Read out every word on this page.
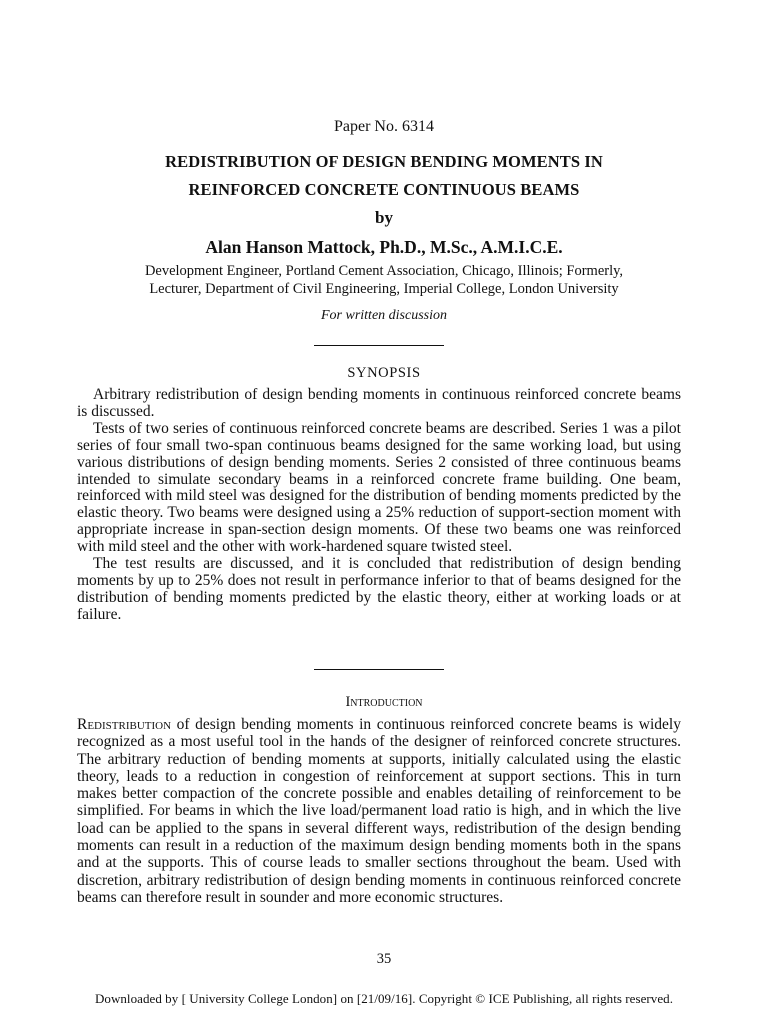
Paper No. 6314
REDISTRIBUTION OF DESIGN BENDING MOMENTS IN
REINFORCED CONCRETE CONTINUOUS BEAMS
by
Alan Hanson Mattock, Ph.D., M.Sc., A.M.I.C.E.
Development Engineer, Portland Cement Association, Chicago, Illinois; Formerly,
Lecturer, Department of Civil Engineering, Imperial College, London University
For written discussion
SYNOPSIS

Arbitrary redistribution of design bending moments in continuous reinforced concrete beams is discussed.

Tests of two series of continuous reinforced concrete beams are described. Series 1 was a pilot series of four small two-span continuous beams designed for the same working load, but using various distributions of design bending moments. Series 2 consisted of three continuous beams intended to simulate secondary beams in a reinforced concrete frame building. One beam, reinforced with mild steel was designed for the distribution of bending moments predicted by the elastic theory. Two beams were designed using a 25% reduction of support-section moment with appropriate increase in span-section design moments. Of these two beams one was reinforced with mild steel and the other with work-hardened square twisted steel.

The test results are discussed, and it is concluded that redistribution of design bending moments by up to 25% does not result in performance inferior to that of beams designed for the distribution of bending moments predicted by the elastic theory, either at working loads or at failure.

Introduction

Redistribution of design bending moments in continuous reinforced concrete beams is widely recognized as a most useful tool in the hands of the designer of reinforced concrete structures. The arbitrary reduction of bending moments at supports, initially calculated using the elastic theory, leads to a reduction in congestion of reinforcement at support sections. This in turn makes better compaction of the concrete possible and enables detailing of reinforcement to be simplified. For beams in which the live load/permanent load ratio is high, and in which the live load can be applied to the spans in several different ways, redistribution of the design bending moments can result in a reduction of the maximum design bending moments both in the spans and at the supports. This of course leads to smaller sections throughout the beam. Used with discretion, arbitrary redistribution of design bending moments in continuous reinforced concrete beams can therefore result in sounder and more economic structures.

35
Downloaded by [ University College London] on [21/09/16]. Copyright © ICE Publishing, all rights reserved.
